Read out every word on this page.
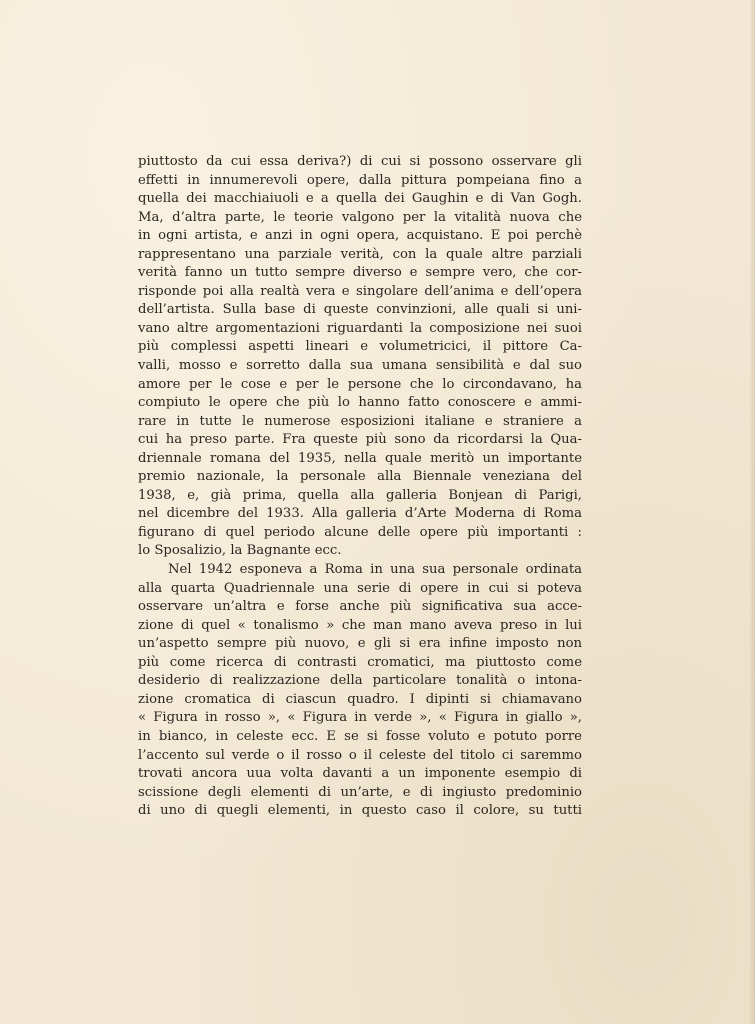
piuttosto da cui essa deriva?) di cui si possono osservare gli
effetti in innumerevoli opere, dalla pittura pompeiana fino a
quella dei macchiaiuoli e a quella dei Gaughin e di Van Gogh.
Ma, d’altra parte, le teorie valgono per la vitalità nuova che
in ogni artista, e anzi in ogni opera, acquistano. E poi perchè
rappresentano una parziale verità, con la quale altre parziali
verità fanno un tutto sempre diverso e sempre vero, che cor-
risponde poi alla realtà vera e singolare dell’anima e dell’opera
dell’artista. Sulla base di queste convinzioni, alle quali si uni-
vano altre argomentazioni riguardanti la composizione nei suoi
più complessi aspetti lineari e volumetricici, il pittore Ca-
valli, mosso e sorretto dalla sua umana sensibilità e dal suo
amore per le cose e per le persone che lo circondavano, ha
compiuto le opere che più lo hanno fatto conoscere e ammi-
rare in tutte le numerose esposizioni italiane e straniere a
cui ha preso parte. Fra queste più sono da ricordarsi la Qua-
driennale romana del 1935, nella quale meritò un importante
premio nazionale, la personale alla Biennale veneziana del
1938, e, già prima, quella alla galleria Bonjean di Parigi,
nel dicembre del 1933. Alla galleria d’Arte Moderna di Roma
figurano di quel periodo alcune delle opere più importanti :
lo Sposalizio, la Bagnante ecc.
Nel 1942 esponeva a Roma in una sua personale ordinata
alla quarta Quadriennale una serie di opere in cui si poteva
osservare un’altra e forse anche più significativa sua acce-
zione di quel « tonalismo » che man mano aveva preso in lui
un’aspetto sempre più nuovo, e gli si era infine imposto non
più come ricerca di contrasti cromatici, ma piuttosto come
desiderio di realizzazione della particolare tonalità o intona-
zione cromatica di ciascun quadro. I dipinti si chiamavano
« Figura in rosso », « Figura in verde », « Figura in giallo »,
in bianco, in celeste ecc. E se si fosse voluto e potuto porre
l’accento sul verde o il rosso o il celeste del titolo ci saremmo
trovati ancora uua volta davanti a un imponente esempio di
scissione degli elementi di un’arte, e di ingiusto predominio
di uno di quegli elementi, in questo caso il colore, su tutti
